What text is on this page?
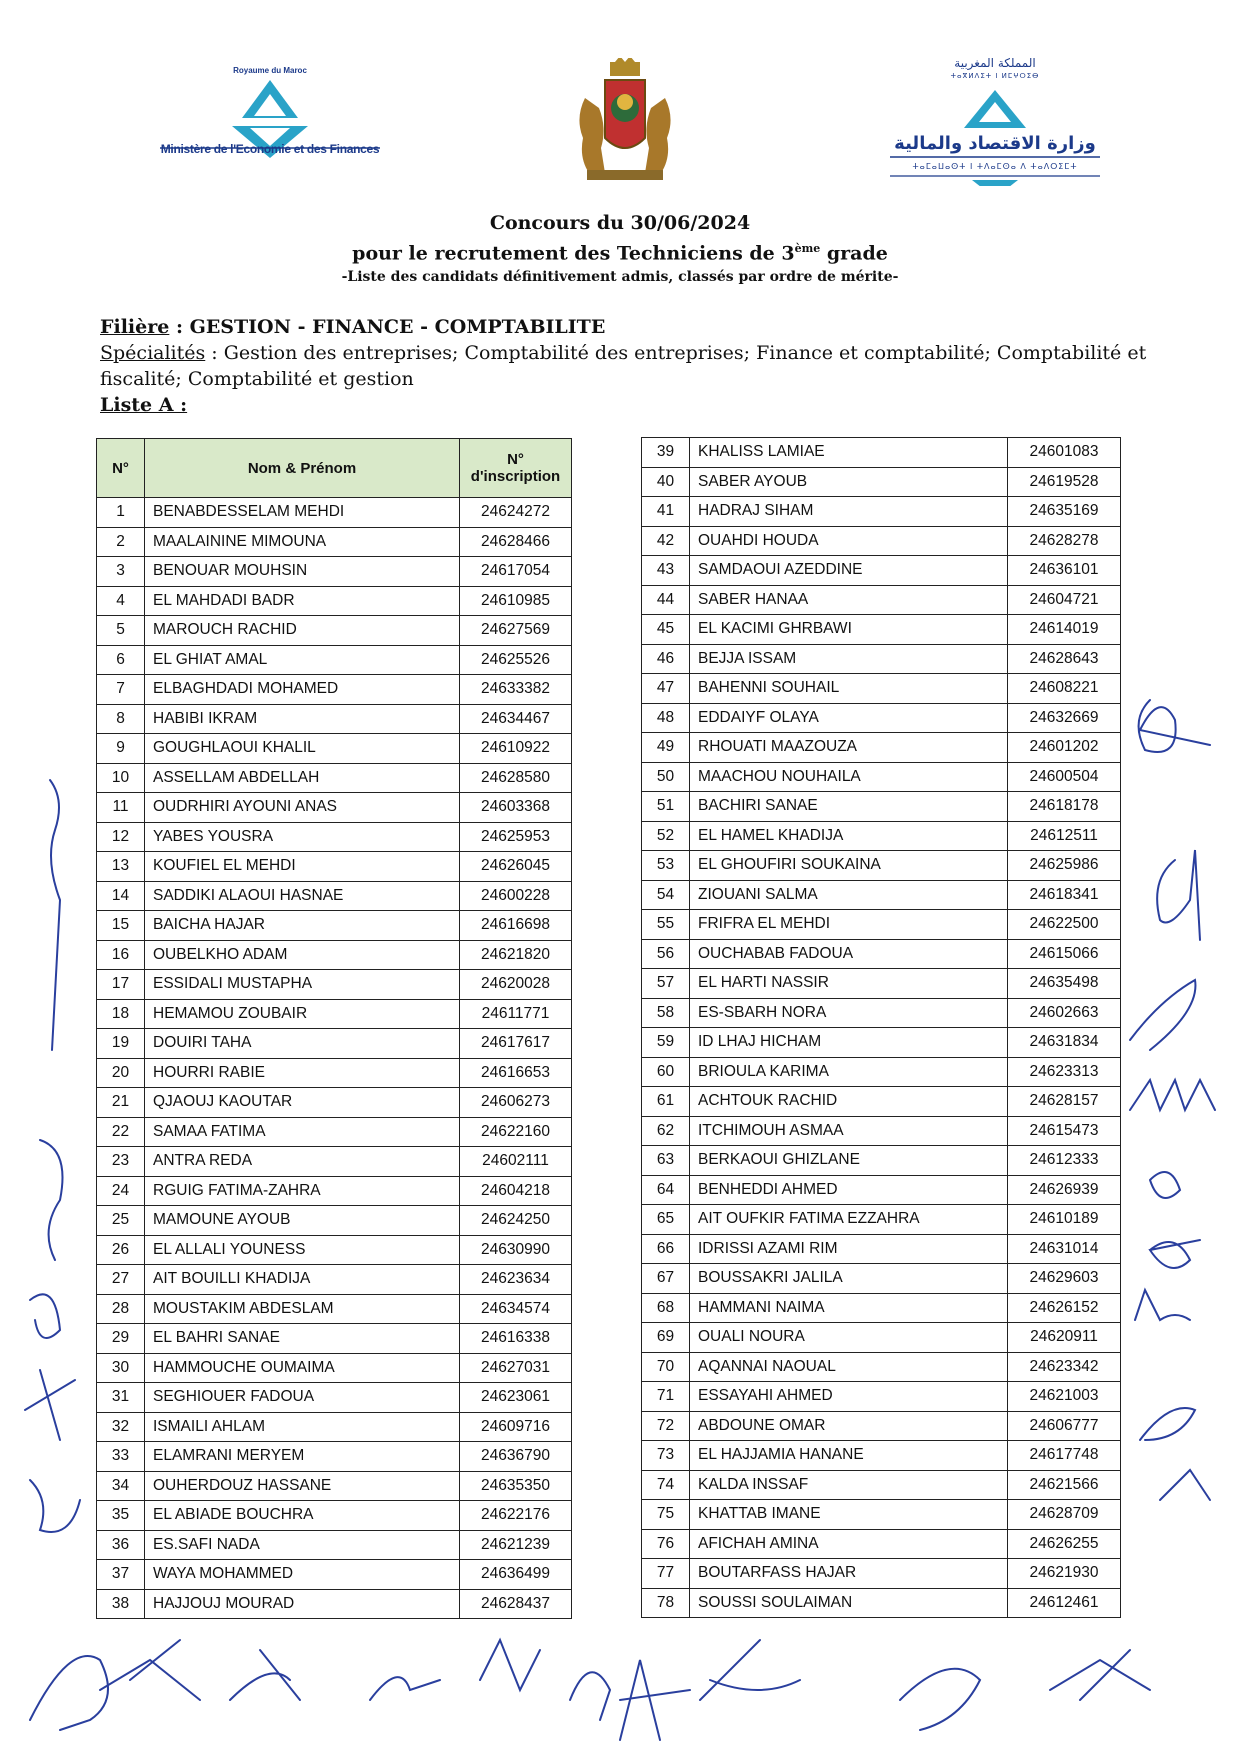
Royaume du Maroc
Ministère de l'Economie et des Finances
المملكة المغربية
ⵜⴰⴳⵍⴷⵉⵜ ⵏ ⵍⵎⵖⵔⵉⴱ
وزارة الاقتصاد والمالية
ⵜⴰⵎⴰⵡⴰⵙⵜ ⵏ ⵜⴷⴰⵎⵙⴰ ⴷ ⵜⴰⴷⵔⵉⵎⵜ
Concours du 30/06/2024
pour le recrutement des Techniciens de 3ème grade
-Liste des candidats définitivement admis, classés par ordre de mérite-
Filière : GESTION - FINANCE - COMPTABILITE
Spécialités : Gestion des entreprises; Comptabilité des entreprises; Finance et comptabilité; Comptabilité et fiscalité; Comptabilité et gestion
Liste A :
N°	Nom & Prénom	N°
d'inscription

1	BENABDESSELAM MEHDI	24624272
2	MAALAININE MIMOUNA	24628466
3	BENOUAR MOUHSIN	24617054
4	EL MAHDADI BADR	24610985
5	MAROUCH RACHID	24627569
6	EL GHIAT AMAL	24625526
7	ELBAGHDADI MOHAMED	24633382
8	HABIBI IKRAM	24634467
9	GOUGHLAOUI KHALIL	24610922
10	ASSELLAM ABDELLAH	24628580
11	OUDRHIRI AYOUNI ANAS	24603368
12	YABES YOUSRA	24625953
13	KOUFIEL EL MEHDI	24626045
14	SADDIKI ALAOUI HASNAE	24600228
15	BAICHA HAJAR	24616698
16	OUBELKHO ADAM	24621820
17	ESSIDALI MUSTAPHA	24620028
18	HEMAMOU ZOUBAIR	24611771
19	DOUIRI TAHA	24617617
20	HOURRI RABIE	24616653
21	QJAOUJ KAOUTAR	24606273
22	SAMAA FATIMA	24622160
23	ANTRA REDA	24602111
24	RGUIG FATIMA-ZAHRA	24604218
25	MAMOUNE AYOUB	24624250
26	EL ALLALI YOUNESS	24630990
27	AIT BOUILLI KHADIJA	24623634
28	MOUSTAKIM ABDESLAM	24634574
29	EL BAHRI SANAE	24616338
30	HAMMOUCHE OUMAIMA	24627031
31	SEGHIOUER FADOUA	24623061
32	ISMAILI AHLAM	24609716
33	ELAMRANI MERYEM	24636790
34	OUHERDOUZ HASSANE	24635350
35	EL ABIADE BOUCHRA	24622176
36	ES.SAFI NADA	24621239
37	WAYA MOHAMMED	24636499
38	HAJJOUJ MOURAD	24628437
39	KHALISS LAMIAE	24601083
40	SABER AYOUB	24619528
41	HADRAJ SIHAM	24635169
42	OUAHDI HOUDA	24628278
43	SAMDAOUI AZEDDINE	24636101
44	SABER HANAA	24604721
45	EL KACIMI GHRBAWI	24614019
46	BEJJA ISSAM	24628643
47	BAHENNI SOUHAIL	24608221
48	EDDAIYF OLAYA	24632669
49	RHOUATI MAAZOUZA	24601202
50	MAACHOU NOUHAILA	24600504
51	BACHIRI SANAE	24618178
52	EL HAMEL KHADIJA	24612511
53	EL GHOUFIRI SOUKAINA	24625986
54	ZIOUANI SALMA	24618341
55	FRIFRA EL MEHDI	24622500
56	OUCHABAB FADOUA	24615066
57	EL HARTI NASSIR	24635498
58	ES-SBARH NORA	24602663
59	ID LHAJ HICHAM	24631834
60	BRIOULA KARIMA	24623313
61	ACHTOUK RACHID	24628157
62	ITCHIMOUH ASMAA	24615473
63	BERKAOUI GHIZLANE	24612333
64	BENHEDDI AHMED	24626939
65	AIT OUFKIR FATIMA EZZAHRA	24610189
66	IDRISSI AZAMI RIM	24631014
67	BOUSSAKRI JALILA	24629603
68	HAMMANI NAIMA	24626152
69	OUALI NOURA	24620911
70	AQANNAI NAOUAL	24623342
71	ESSAYAHI AHMED	24621003
72	ABDOUNE OMAR	24606777
73	EL HAJJAMIA HANANE	24617748
74	KALDA INSSAF	24621566
75	KHATTAB IMANE	24628709
76	AFICHAH AMINA	24626255
77	BOUTARFASS HAJAR	24621930
78	SOUSSI SOULAIMAN	24612461
